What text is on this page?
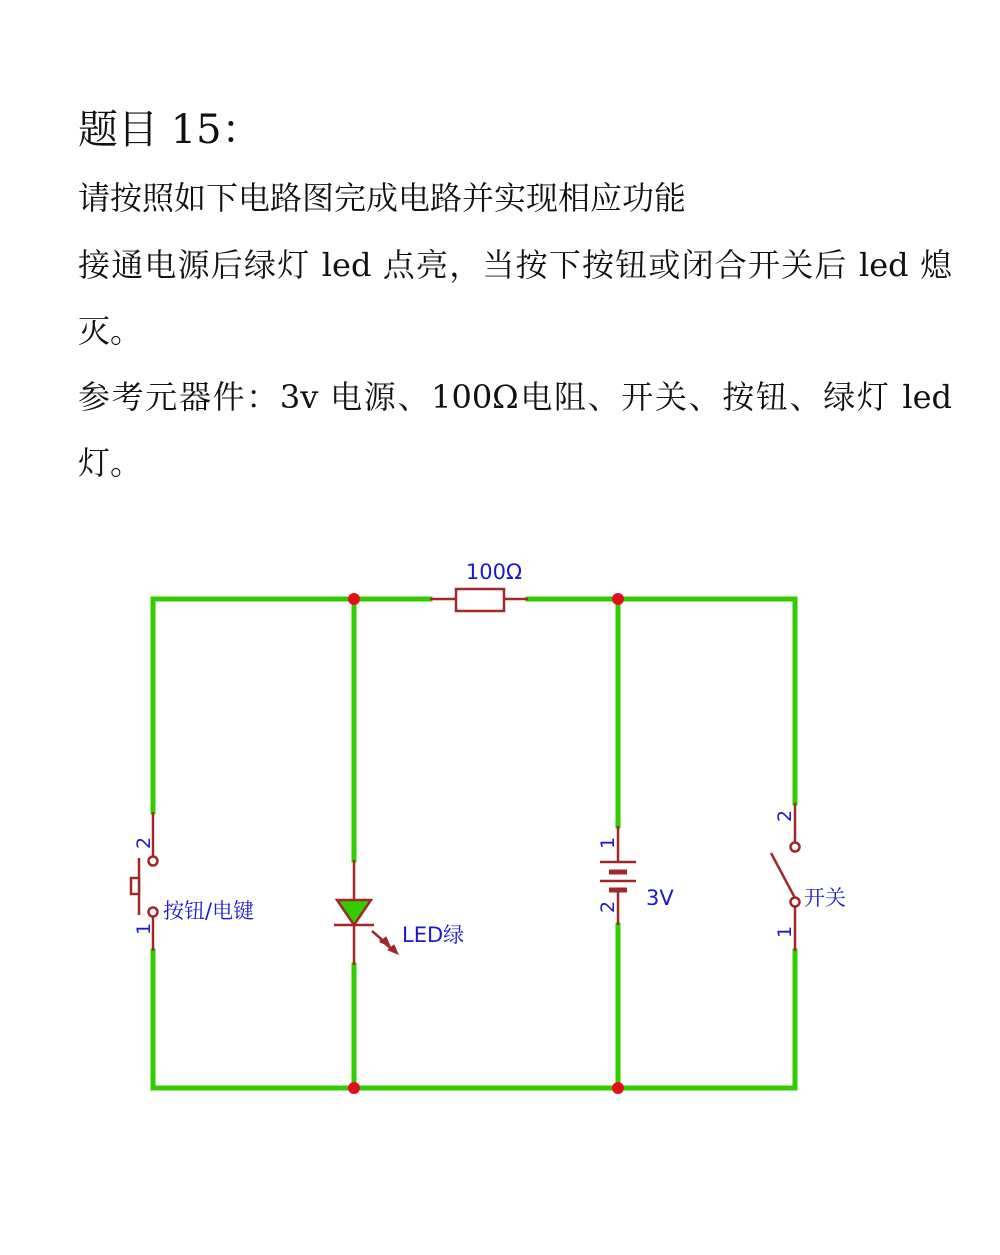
题目 15：

请按照如下电路图完成电路并实现相应功能

接通电源后绿灯 led 点亮，当按下按钮或闭合开关后 led 熄灭。

参考元器件：3v 电源、100Ω电阻、开关、按钮、绿灯 led 灯。

100Ω
按钮/电键
LED绿
3V	开关
2
1
1
2
2
1
